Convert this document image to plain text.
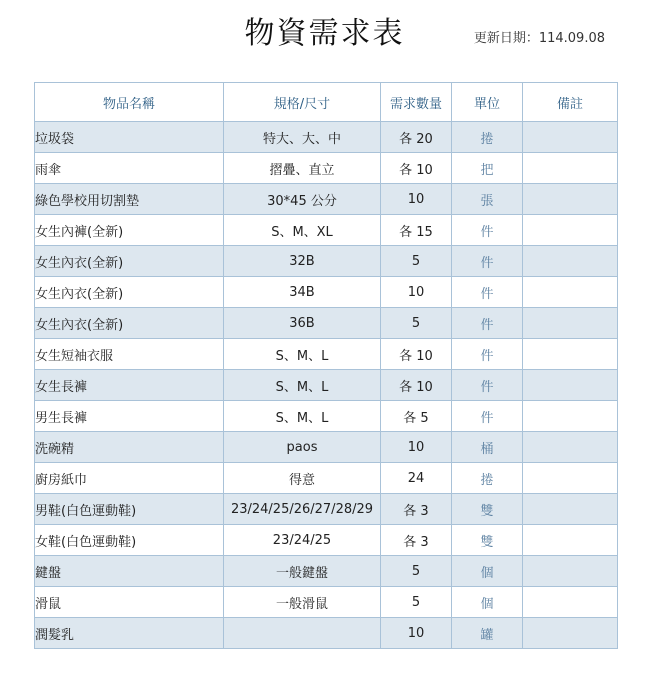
物資需求表	更新日期：114.09.08
物品名稱	規格/尺寸	需求數量	單位	備註
垃圾袋	特大、大、中	各 20	捲	
雨傘	摺疊、直立	各 10	把	
綠色學校用切割墊	30*45 公分	10	張	
女生內褲(全新)	S、M、XL	各 15	件	
女生內衣(全新)	32B	5	件	
女生內衣(全新)	34B	10	件	
女生內衣(全新)	36B	5	件	
女生短袖衣服	S、M、L	各 10	件	
女生長褲	S、M、L	各 10	件	
男生長褲	S、M、L	各 5	件	
洗碗精	paos	10	桶	
廚房紙巾	得意	24	捲	
男鞋(白色運動鞋)	23/24/25/26/27/28/29	各 3	雙	
女鞋(白色運動鞋)	23/24/25	各 3	雙	
鍵盤	一般鍵盤	5	個	
滑鼠	一般滑鼠	5	個	
潤髮乳		10	罐	
